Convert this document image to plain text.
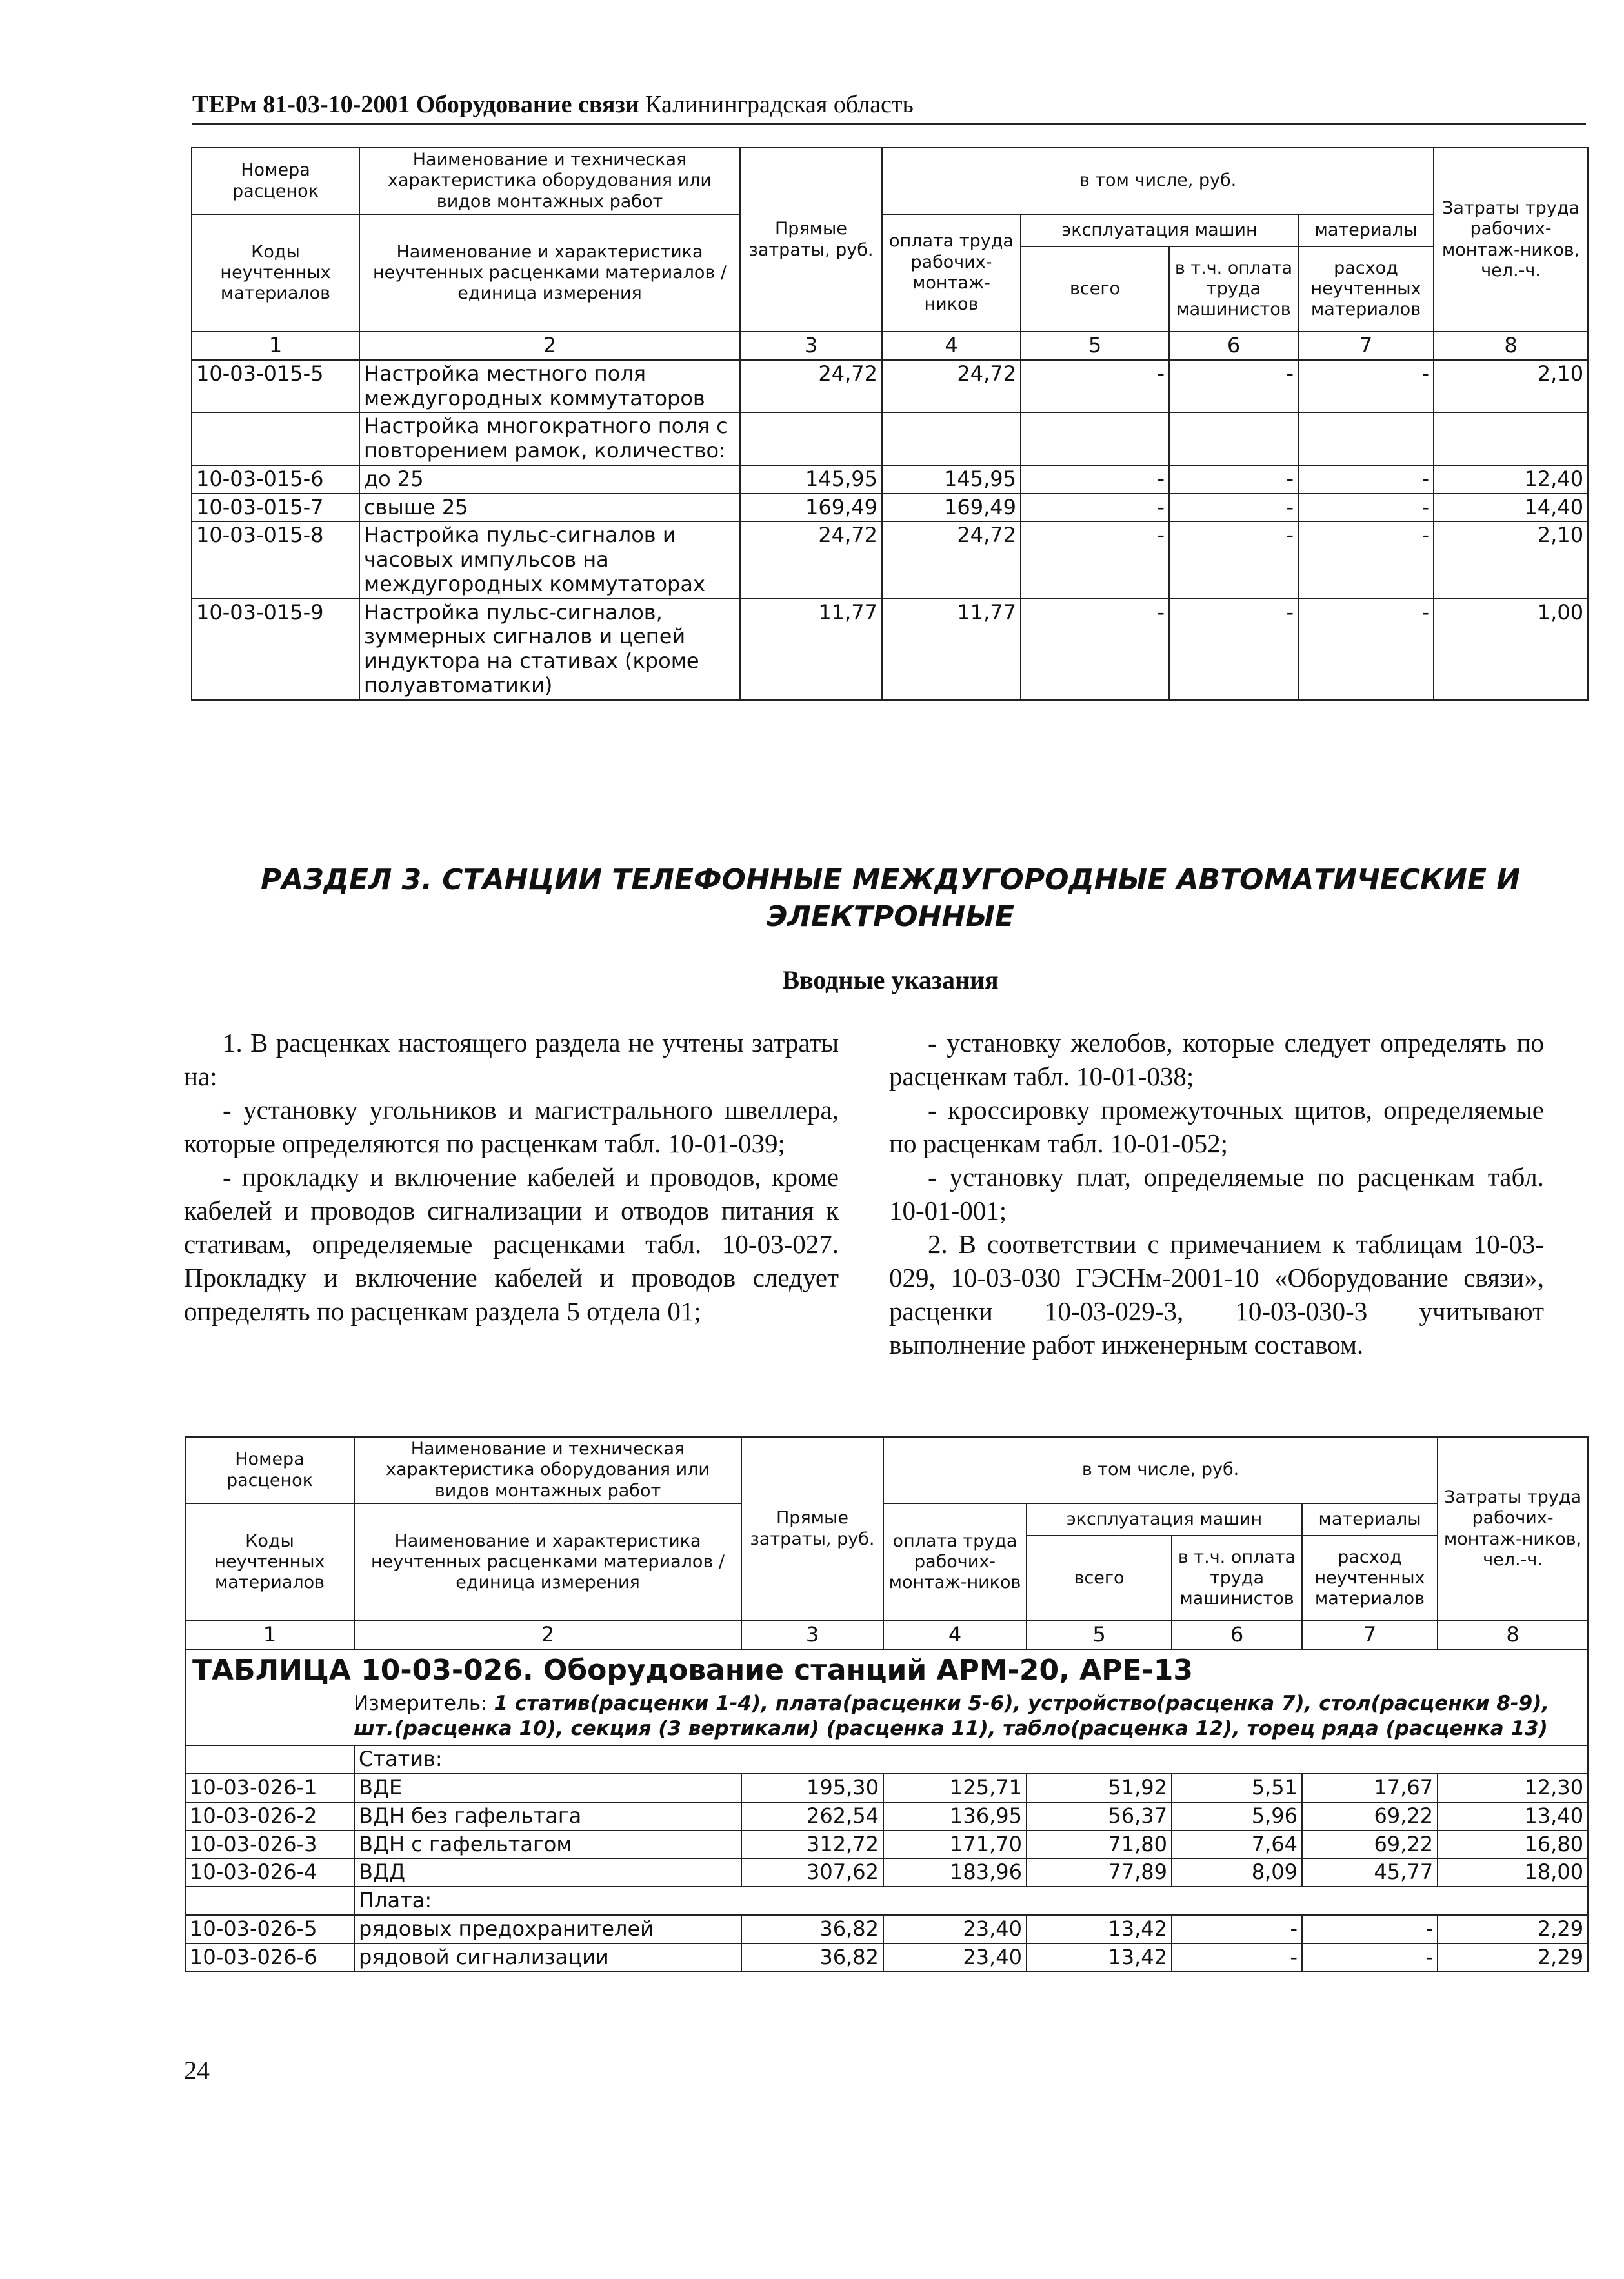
ТЕРм 81-03-10-2001 Оборудование связи Калининградская область
Номера расценок	Наименование и техническая характеристика оборудования или видов монтажных работ	Прямые затраты, руб.	в том числе, руб.				Затраты труда рабочих-монтаж-ников, чел.-ч.
Коды неучтенных материалов	Наименование и характеристика неучтенных расценками материалов / единица измерения		оплата труда рабочих-монтаж-ников	эксплуатация машин		материалы	
				всего	в т.ч. оплата труда машинистов	расход неучтенных материалов	
1	2	3	4	5	6	7	8
10-03-015-5	Настройка местного поля междугородных коммутаторов	24,72	24,72	-	-	-	2,10
	Настройка многократного поля с повторением рамок, количество:						
10-03-015-6	до 25	145,95	145,95	-	-	-	12,40
10-03-015-7	свыше 25	169,49	169,49	-	-	-	14,40
10-03-015-8	Настройка пульс-сигналов и часовых импульсов на междугородных коммутаторах	24,72	24,72	-	-	-	2,10
10-03-015-9	Настройка пульс-сигналов, зуммерных сигналов и цепей индуктора на стативах (кроме полуавтоматики)	11,77	11,77	-	-	-	1,00
РАЗДЕЛ 3. СТАНЦИИ ТЕЛЕФОННЫЕ МЕЖДУГОРОДНЫЕ АВТОМАТИЧЕСКИЕ И ЭЛЕКТРОННЫЕ
Вводные указания

1. В расценках настоящего раздела не учтены затраты на:

- установку угольников и магистрального швеллера, которые определяются по расценкам табл. 10-01-039;

- прокладку и включение кабелей и проводов, кроме кабелей и проводов сигнализации и отводов питания к стативам, определяемые расценками табл. 10-03-027. Прокладку и включение кабелей и проводов следует определять по расценкам раздела 5 отдела 01;

- установку желобов, которые следует определять по расценкам табл. 10-01-038;

- кроссировку промежуточных щитов, определяемые по расценкам табл. 10-01-052;

- установку плат, определяемые по расценкам табл. 10-01-001;

2. В соответствии с примечанием к таблицам 10-03-029, 10-03-030 ГЭСНм-2001-10 «Оборудование связи», расценки 10-03-029-3, 10-03-030-3 учитывают выполнение работ инженерным составом.

Номера расценок	Наименование и техническая характеристика оборудования или видов монтажных работ	Прямые затраты, руб.	в том числе, руб.				Затраты труда рабочих-монтаж-ников, чел.-ч.
Коды неучтенных материалов	Наименование и характеристика неучтенных расценками материалов / единица измерения		оплата труда рабочих-монтаж-ников	эксплуатация машин		материалы	
				всего	в т.ч. оплата труда машинистов	расход неучтенных материалов	
1	2	3	4	5	6	7	8

ТАБЛИЦА 10-03-026. Оборудование станций АРМ-20, АРЕ-13
Измеритель: 1 статив(расценки 1-4), плата(расценки 5-6), устройство(расценка 7), стол(расценки 8-9), шт.(расценка 10), секция (3 вертикали) (расценка 11), табло(расценка 12), торец ряда (расценка 13)							

	Статив:						
10-03-026-1	ВДЕ	195,30	125,71	51,92	5,51	17,67	12,30
10-03-026-2	ВДН без гафельтага	262,54	136,95	56,37	5,96	69,22	13,40
10-03-026-3	ВДН с гафельтагом	312,72	171,70	71,80	7,64	69,22	16,80
10-03-026-4	ВДД	307,62	183,96	77,89	8,09	45,77	18,00
	Плата:						
10-03-026-5	рядовых предохранителей	36,82	23,40	13,42	-	-	2,29
10-03-026-6	рядовой сигнализации	36,82	23,40	13,42	-	-	2,29
24
